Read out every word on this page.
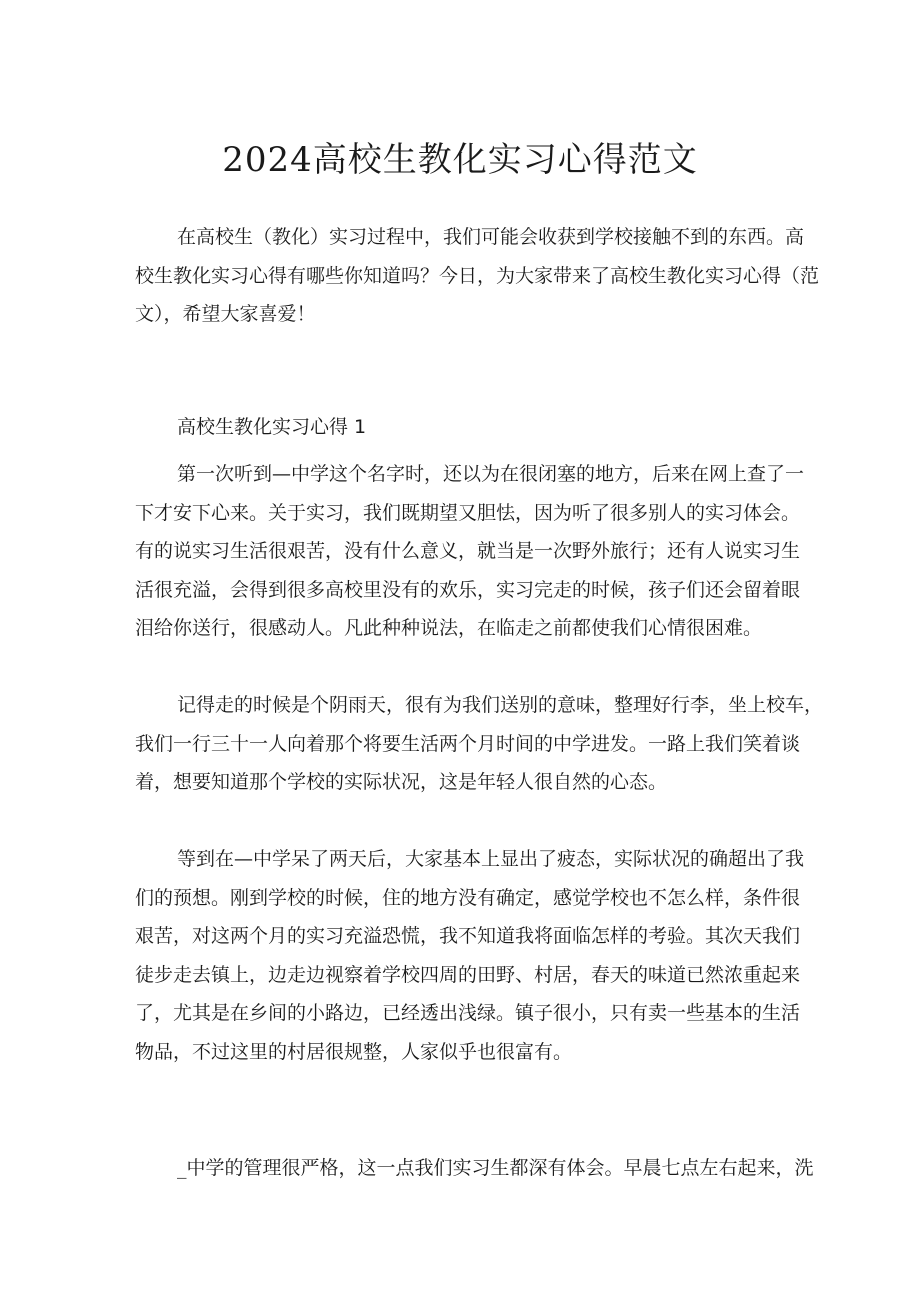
2024高校生教化实习心得范文
在高校生（教化）实习过程中，我们可能会收获到学校接触不到的东西。高
校生教化实习心得有哪些你知道吗？今日，为大家带来了高校生教化实习心得（范
文），希望大家喜爱！

高校生教化实习心得 1

第一次听到—中学这个名字时，还以为在很闭塞的地方，后来在网上查了一
下才安下心来。关于实习，我们既期望又胆怯，因为听了很多别人的实习体会。
有的说实习生活很艰苦，没有什么意义，就当是一次野外旅行；还有人说实习生
活很充溢，会得到很多高校里没有的欢乐，实习完走的时候，孩子们还会留着眼
泪给你送行，很感动人。凡此种种说法，在临走之前都使我们心情很困难。
记得走的时候是个阴雨天，很有为我们送别的意味，整理好行李，坐上校车，
我们一行三十一人向着那个将要生活两个月时间的中学进发。一路上我们笑着谈
着，想要知道那个学校的实际状况，这是年轻人很自然的心态。
等到在—中学呆了两天后，大家基本上显出了疲态，实际状况的确超出了我
们的预想。刚到学校的时候，住的地方没有确定，感觉学校也不怎么样，条件很
艰苦，对这两个月的实习充溢恐慌，我不知道我将面临怎样的考验。其次天我们
徒步走去镇上，边走边视察着学校四周的田野、村居，春天的味道已然浓重起来
了，尤其是在乡间的小路边，已经透出浅绿。镇子很小，只有卖一些基本的生活
物品，不过这里的村居很规整，人家似乎也很富有。
_中学的管理很严格，这一点我们实习生都深有体会。早晨七点左右起来，洗
